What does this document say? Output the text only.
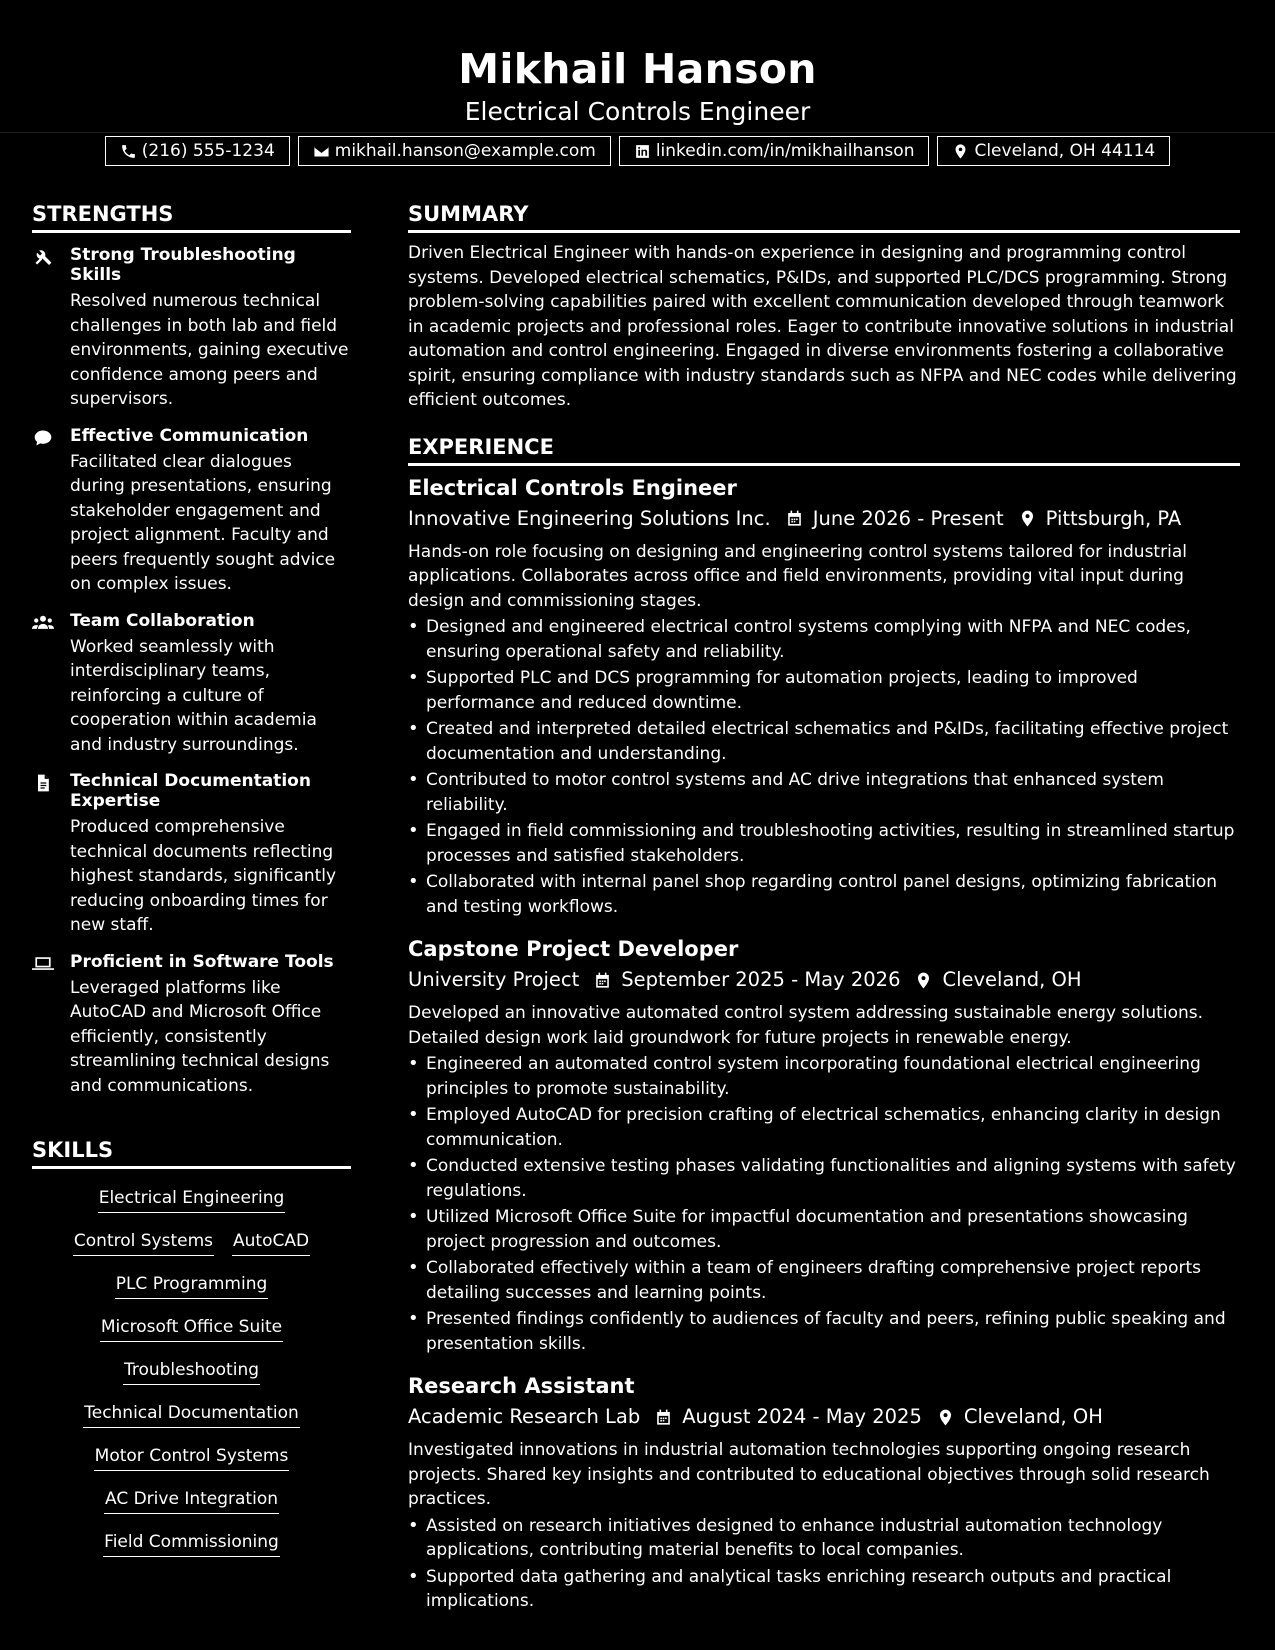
Mikhail Hanson
Electrical Controls Engineer
(216) 555-1234	mikhail.hanson@example.com	linkedin.com/in/mikhailhanson	Cleveland, OH 44114
STRENGTHS
Strong Troubleshooting Skills
Resolved numerous technical challenges in both lab and field environments, gaining executive confidence among peers and supervisors.
Effective Communication
Facilitated clear dialogues during presentations, ensuring stakeholder engagement and project alignment. Faculty and peers frequently sought advice on complex issues.
Team Collaboration
Worked seamlessly with interdisciplinary teams, reinforcing a culture of cooperation within academia and industry surroundings.
Technical Documentation Expertise
Produced comprehensive technical documents reflecting highest standards, significantly reducing onboarding times for new staff.
Proficient in Software Tools
Leveraged platforms like AutoCAD and Microsoft Office efficiently, consistently streamlining technical designs and communications.
SKILLS
Electrical Engineering
Control Systems AutoCAD
PLC Programming
Microsoft Office Suite
Troubleshooting
Technical Documentation
Motor Control Systems
AC Drive Integration
Field Commissioning
SUMMARY

Driven Electrical Engineer with hands-on experience in designing and programming control systems. Developed electrical schematics, P&IDs, and supported PLC/DCS programming. Strong problem-solving capabilities paired with excellent communication developed through teamwork in academic projects and professional roles. Eager to contribute innovative solutions in industrial automation and control engineering. Engaged in diverse environments fostering a collaborative spirit, ensuring compliance with industry standards such as NFPA and NEC codes while delivering efficient outcomes.

EXPERIENCE
Electrical Controls Engineer
Innovative Engineering Solutions Inc. June 2026 - Present Pittsburgh, PA

Hands-on role focusing on designing and engineering control systems tailored for industrial applications. Collaborates across office and field environments, providing vital input during design and commissioning stages.

• Designed and engineered electrical control systems complying with NFPA and NEC codes, ensuring operational safety and reliability.
• Supported PLC and DCS programming for automation projects, leading to improved performance and reduced downtime.
• Created and interpreted detailed electrical schematics and P&IDs, facilitating effective project documentation and understanding.
• Contributed to motor control systems and AC drive integrations that enhanced system reliability.
• Engaged in field commissioning and troubleshooting activities, resulting in streamlined startup processes and satisfied stakeholders.
• Collaborated with internal panel shop regarding control panel designs, optimizing fabrication and testing workflows.
Capstone Project Developer
University Project September 2025 - May 2026 Cleveland, OH

Developed an innovative automated control system addressing sustainable energy solutions. Detailed design work laid groundwork for future projects in renewable energy.

• Engineered an automated control system incorporating foundational electrical engineering principles to promote sustainability.
• Employed AutoCAD for precision crafting of electrical schematics, enhancing clarity in design communication.
• Conducted extensive testing phases validating functionalities and aligning systems with safety regulations.
• Utilized Microsoft Office Suite for impactful documentation and presentations showcasing project progression and outcomes.
• Collaborated effectively within a team of engineers drafting comprehensive project reports detailing successes and learning points.
• Presented findings confidently to audiences of faculty and peers, refining public speaking and presentation skills.
Research Assistant
Academic Research Lab August 2024 - May 2025 Cleveland, OH

Investigated innovations in industrial automation technologies supporting ongoing research projects. Shared key insights and contributed to educational objectives through solid research practices.

• Assisted on research initiatives designed to enhance industrial automation technology applications, contributing material benefits to local companies.
• Supported data gathering and analytical tasks enriching research outputs and practical implications.
